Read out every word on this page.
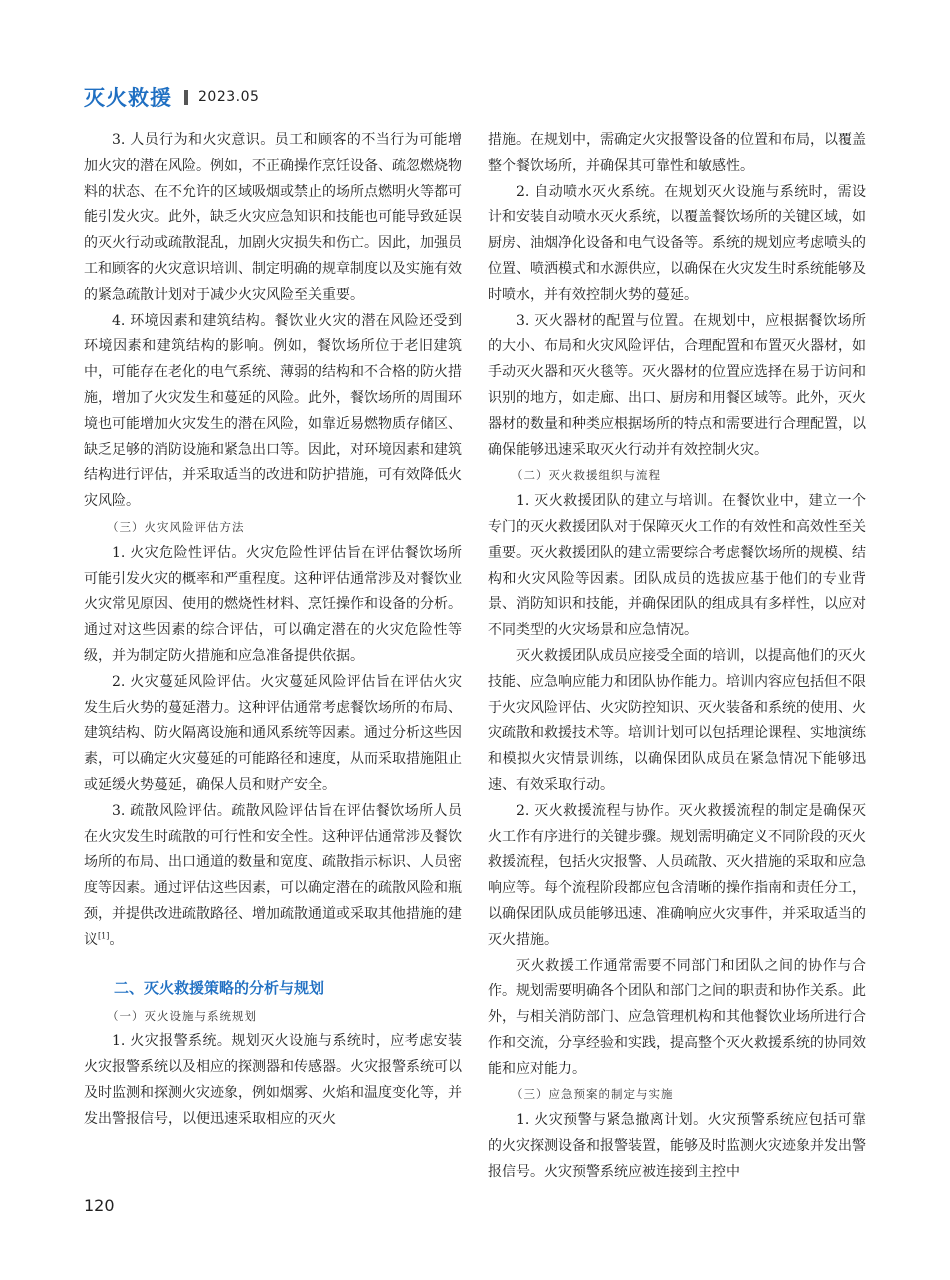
灭火救援 2023.05

3. 人员行为和火灾意识。员工和顾客的不当行为可能增加火灾的潜在风险。例如，不正确操作烹饪设备、疏忽燃烧物料的状态、在不允许的区域吸烟或禁止的场所点燃明火等都可能引发火灾。此外，缺乏火灾应急知识和技能也可能导致延误的灭火行动或疏散混乱，加剧火灾损失和伤亡。因此，加强员工和顾客的火灾意识培训、制定明确的规章制度以及实施有效的紧急疏散计划对于减少火灾风险至关重要。

4. 环境因素和建筑结构。餐饮业火灾的潜在风险还受到环境因素和建筑结构的影响。例如，餐饮场所位于老旧建筑中，可能存在老化的电气系统、薄弱的结构和不合格的防火措施，增加了火灾发生和蔓延的风险。此外，餐饮场所的周围环境也可能增加火灾发生的潜在风险，如靠近易燃物质存储区、缺乏足够的消防设施和紧急出口等。因此，对环境因素和建筑结构进行评估，并采取适当的改进和防护措施，可有效降低火灾风险。

（三）火灾风险评估方法

1. 火灾危险性评估。火灾危险性评估旨在评估餐饮场所可能引发火灾的概率和严重程度。这种评估通常涉及对餐饮业火灾常见原因、使用的燃烧性材料、烹饪操作和设备的分析。通过对这些因素的综合评估，可以确定潜在的火灾危险性等级，并为制定防火措施和应急准备提供依据。

2. 火灾蔓延风险评估。火灾蔓延风险评估旨在评估火灾发生后火势的蔓延潜力。这种评估通常考虑餐饮场所的布局、建筑结构、防火隔离设施和通风系统等因素。通过分析这些因素，可以确定火灾蔓延的可能路径和速度，从而采取措施阻止或延缓火势蔓延，确保人员和财产安全。

3. 疏散风险评估。疏散风险评估旨在评估餐饮场所人员在火灾发生时疏散的可行性和安全性。这种评估通常涉及餐饮场所的布局、出口通道的数量和宽度、疏散指示标识、人员密度等因素。通过评估这些因素，可以确定潜在的疏散风险和瓶颈，并提供改进疏散路径、增加疏散通道或采取其他措施的建议[1]。

二、灭火救援策略的分析与规划

（一）灭火设施与系统规划

1. 火灾报警系统。规划灭火设施与系统时，应考虑安装火灾报警系统以及相应的探测器和传感器。火灾报警系统可以及时监测和探测火灾迹象，例如烟雾、火焰和温度变化等，并发出警报信号，以便迅速采取相应的灭火

措施。在规划中，需确定火灾报警设备的位置和布局，以覆盖整个餐饮场所，并确保其可靠性和敏感性。

2. 自动喷水灭火系统。在规划灭火设施与系统时，需设计和安装自动喷水灭火系统，以覆盖餐饮场所的关键区域，如厨房、油烟净化设备和电气设备等。系统的规划应考虑喷头的位置、喷洒模式和水源供应，以确保在火灾发生时系统能够及时喷水，并有效控制火势的蔓延。

3. 灭火器材的配置与位置。在规划中，应根据餐饮场所的大小、布局和火灾风险评估，合理配置和布置灭火器材，如手动灭火器和灭火毯等。灭火器材的位置应选择在易于访问和识别的地方，如走廊、出口、厨房和用餐区域等。此外，灭火器材的数量和种类应根据场所的特点和需要进行合理配置，以确保能够迅速采取灭火行动并有效控制火灾。

（二）灭火救援组织与流程

1. 灭火救援团队的建立与培训。在餐饮业中，建立一个专门的灭火救援团队对于保障灭火工作的有效性和高效性至关重要。灭火救援团队的建立需要综合考虑餐饮场所的规模、结构和火灾风险等因素。团队成员的选拔应基于他们的专业背景、消防知识和技能，并确保团队的组成具有多样性，以应对不同类型的火灾场景和应急情况。

灭火救援团队成员应接受全面的培训，以提高他们的灭火技能、应急响应能力和团队协作能力。培训内容应包括但不限于火灾风险评估、火灾防控知识、灭火装备和系统的使用、火灾疏散和救援技术等。培训计划可以包括理论课程、实地演练和模拟火灾情景训练，以确保团队成员在紧急情况下能够迅速、有效采取行动。

2. 灭火救援流程与协作。灭火救援流程的制定是确保灭火工作有序进行的关键步骤。规划需明确定义不同阶段的灭火救援流程，包括火灾报警、人员疏散、灭火措施的采取和应急响应等。每个流程阶段都应包含清晰的操作指南和责任分工，以确保团队成员能够迅速、准确响应火灾事件，并采取适当的灭火措施。

灭火救援工作通常需要不同部门和团队之间的协作与合作。规划需要明确各个团队和部门之间的职责和协作关系。此外，与相关消防部门、应急管理机构和其他餐饮业场所进行合作和交流，分享经验和实践，提高整个灭火救援系统的协同效能和应对能力。

（三）应急预案的制定与实施

1. 火灾预警与紧急撤离计划。火灾预警系统应包括可靠的火灾探测设备和报警装置，能够及时监测火灾迹象并发出警报信号。火灾预警系统应被连接到主控中

120
